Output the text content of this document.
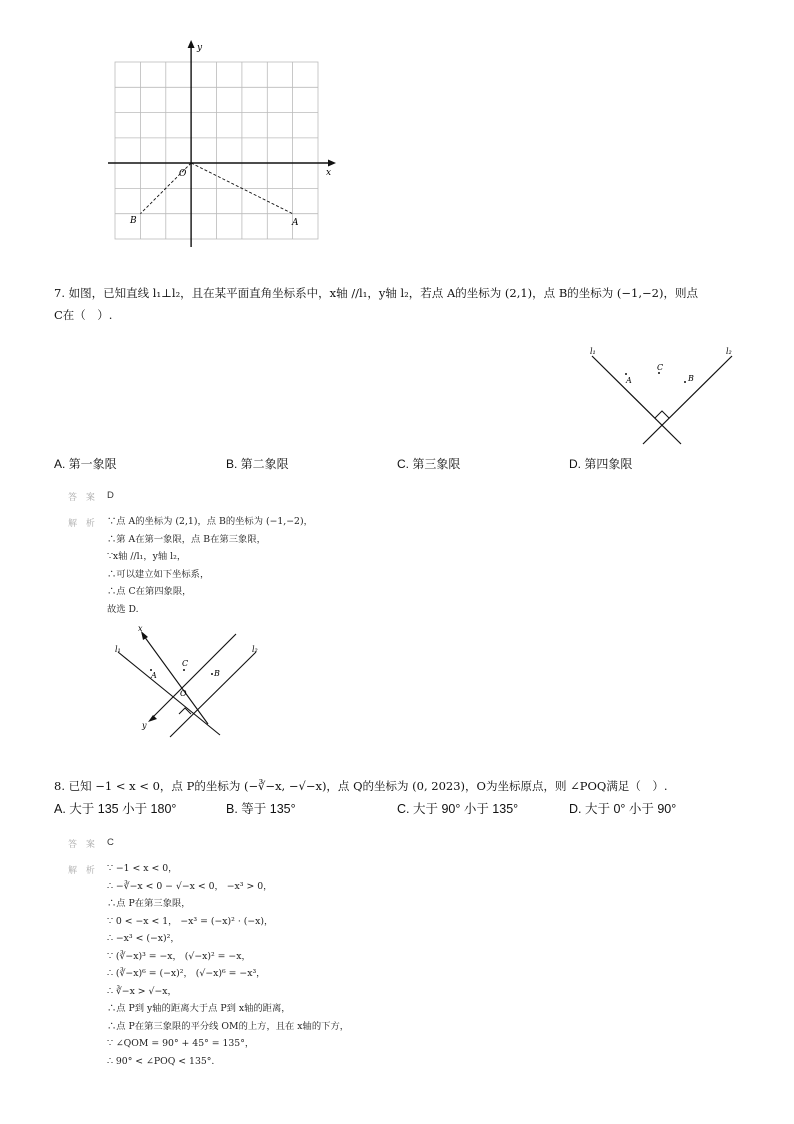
x
y
O
B	A
7. 如图，已知直线 l₁⊥l₂，且在某平面直角坐标系中，x轴 //l₁，y轴 l₂，若点 A的坐标为 (2,1)，点 B的坐标为 (−1,−2)，则点
C在（　）.
l₁	l₂
A
C
B
A. 第一象限	B. 第二象限	C. 第三象限	D. 第四象限
答 案 D
解 析 ∵点 A的坐标为 (2,1)，点 B的坐标为 (−1,−2)，
∴第 A在第一象限，点 B在第三象限，
∵x轴 //l₁，y轴 l₂，
∴可以建立如下坐标系，
∴点 C在第四象限，
故选 D.
x
y
l₁	l₂
A
C
B
O
8. 已知 −1 < x < 0，点 P的坐标为 (−∛−x, −√−x)，点 Q的坐标为 (0, 2023)，O为坐标原点，则 ∠POQ满足（　）.
A. 大于 135 小于 180°	B. 等于 135°	C. 大于 90° 小于 135°	D. 大于 0° 小于 90°
答 案 C
解 析 ∵ −1 < x < 0，
∴ −∛−x < 0 − √−x < 0， −x³ > 0，
∴点 P在第三象限，
∵ 0 < −x < 1， −x³ = (−x)² · (−x)，
∴ −x³ < (−x)²，
∵ (∛−x)³ = −x， (√−x)² = −x，
∴ (∛−x)⁶ = (−x)²， (√−x)⁶ = −x³，
∴ ∛−x > √−x，
∴点 P到 y轴的距离大于点 P到 x轴的距离，
∴点 P在第三象限的平分线 OM的上方，且在 x轴的下方，
∵ ∠QOM = 90° + 45° = 135°，
∴ 90° < ∠POQ < 135°.
